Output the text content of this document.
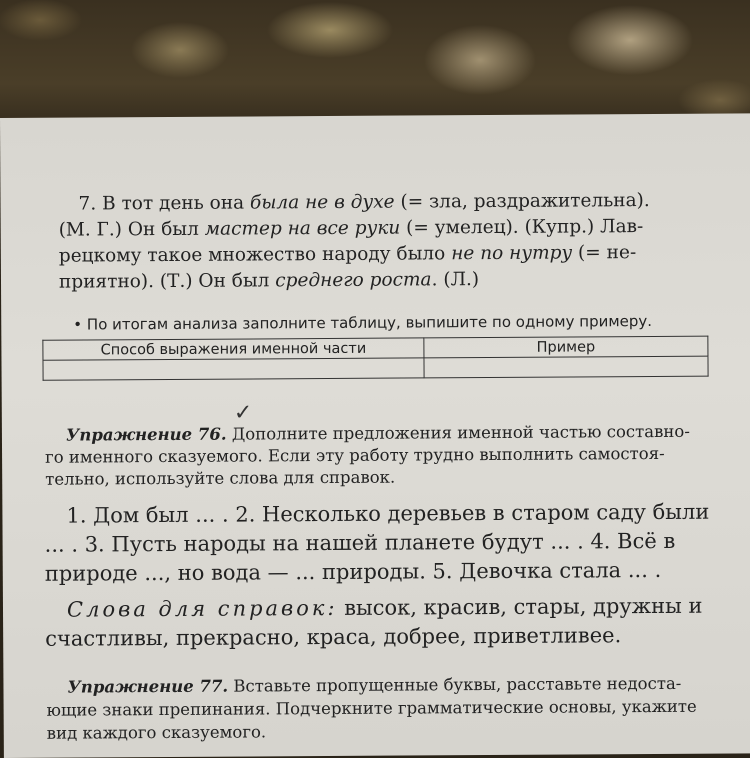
7. В тот день она была не в духе (= зла, раздражительна).
(М. Г.) Он был мастер на все руки (= умелец). (Купр.) Лав-
рецкому такое множество народу было не по нутру (= не-
приятно). (Т.) Он был среднего роста. (Л.)
• По итогам анализа заполните таблицу, выпишите по одному примеру.
Способ выражения именной части	Пример

✓
Упражнение 76. Дополните предложения именной частью составно-
го именного сказуемого. Если эту работу трудно выполнить самостоя-
тельно, используйте слова для справок.
1. Дом был ... . 2. Несколько деревьев в старом саду были
... . 3. Пусть народы на нашей планете будут ... . 4. Всё в
природе ..., но вода — ... природы. 5. Девочка стала ... .
Слова для справок: высок, красив, стары, дружны и
счастливы, прекрасно, краса, добрее, приветливее.
Упражнение 77. Вставьте пропущенные буквы, расставьте недоста-
ющие знаки препинания. Подчеркните грамматические основы, укажите
вид каждого сказуемого.
